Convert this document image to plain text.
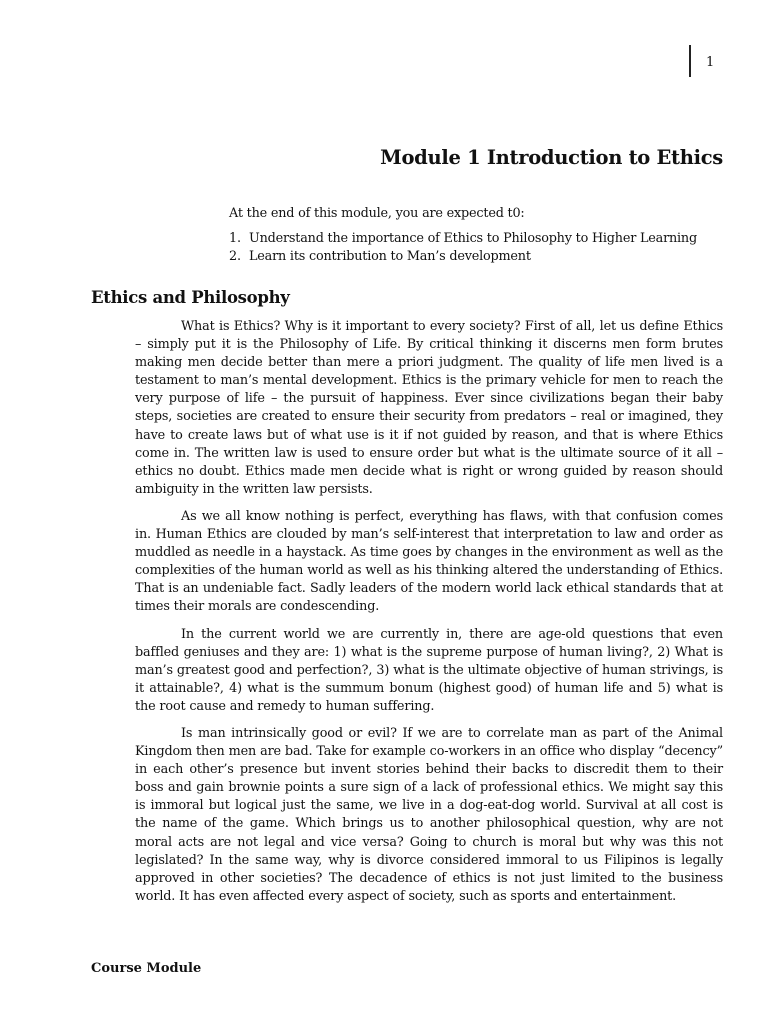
1
Module 1 Introduction to Ethics

At the end of this module, you are expected t0:

1. Understand the importance of Ethics to Philosophy to Higher Learning
2. Learn its contribution to Man’s development
Ethics and Philosophy

What is Ethics? Why is it important to every society? First of all, let us define Ethics – simply put it is the Philosophy of Life. By critical thinking it discerns men form brutes making men decide better than mere a priori judgment. The quality of life men lived is a testament to man’s mental development. Ethics is the primary vehicle for men to reach the very purpose of life – the pursuit of happiness. Ever since civilizations began their baby steps, societies are created to ensure their security from predators – real or imagined, they have to create laws but of what use is it if not guided by reason, and that is where Ethics come in. The written law is used to ensure order but what is the ultimate source of it all – ethics no doubt. Ethics made men decide what is right or wrong guided by reason should ambiguity in the written law persists.

As we all know nothing is perfect, everything has flaws, with that confusion comes in. Human Ethics are clouded by man’s self-interest that interpretation to law and order as muddled as needle in a haystack. As time goes by changes in the environment as well as the complexities of the human world as well as his thinking altered the understanding of Ethics. That is an undeniable fact. Sadly leaders of the modern world lack ethical standards that at times their morals are condescending.

In the current world we are currently in, there are age-old questions that even baffled geniuses and they are: 1) what is the supreme purpose of human living?, 2) What is man’s greatest good and perfection?, 3) what is the ultimate objective of human strivings, is it attainable?, 4) what is the summum bonum (highest good) of human life and 5) what is the root cause and remedy to human suffering.

Is man intrinsically good or evil? If we are to correlate man as part of the Animal Kingdom then men are bad. Take for example co-workers in an office who display “decency” in each other’s presence but invent stories behind their backs to discredit them to their boss and gain brownie points a sure sign of a lack of professional ethics. We might say this is immoral but logical just the same, we live in a dog-eat-dog world. Survival at all cost is the name of the game. Which brings us to another philosophical question, why are not moral acts are not legal and vice versa? Going to church is moral but why was this not legislated? In the same way, why is divorce considered immoral to us Filipinos is legally approved in other societies? The decadence of ethics is not just limited to the business world. It has even affected every aspect of society, such as sports and entertainment.

Course Module
